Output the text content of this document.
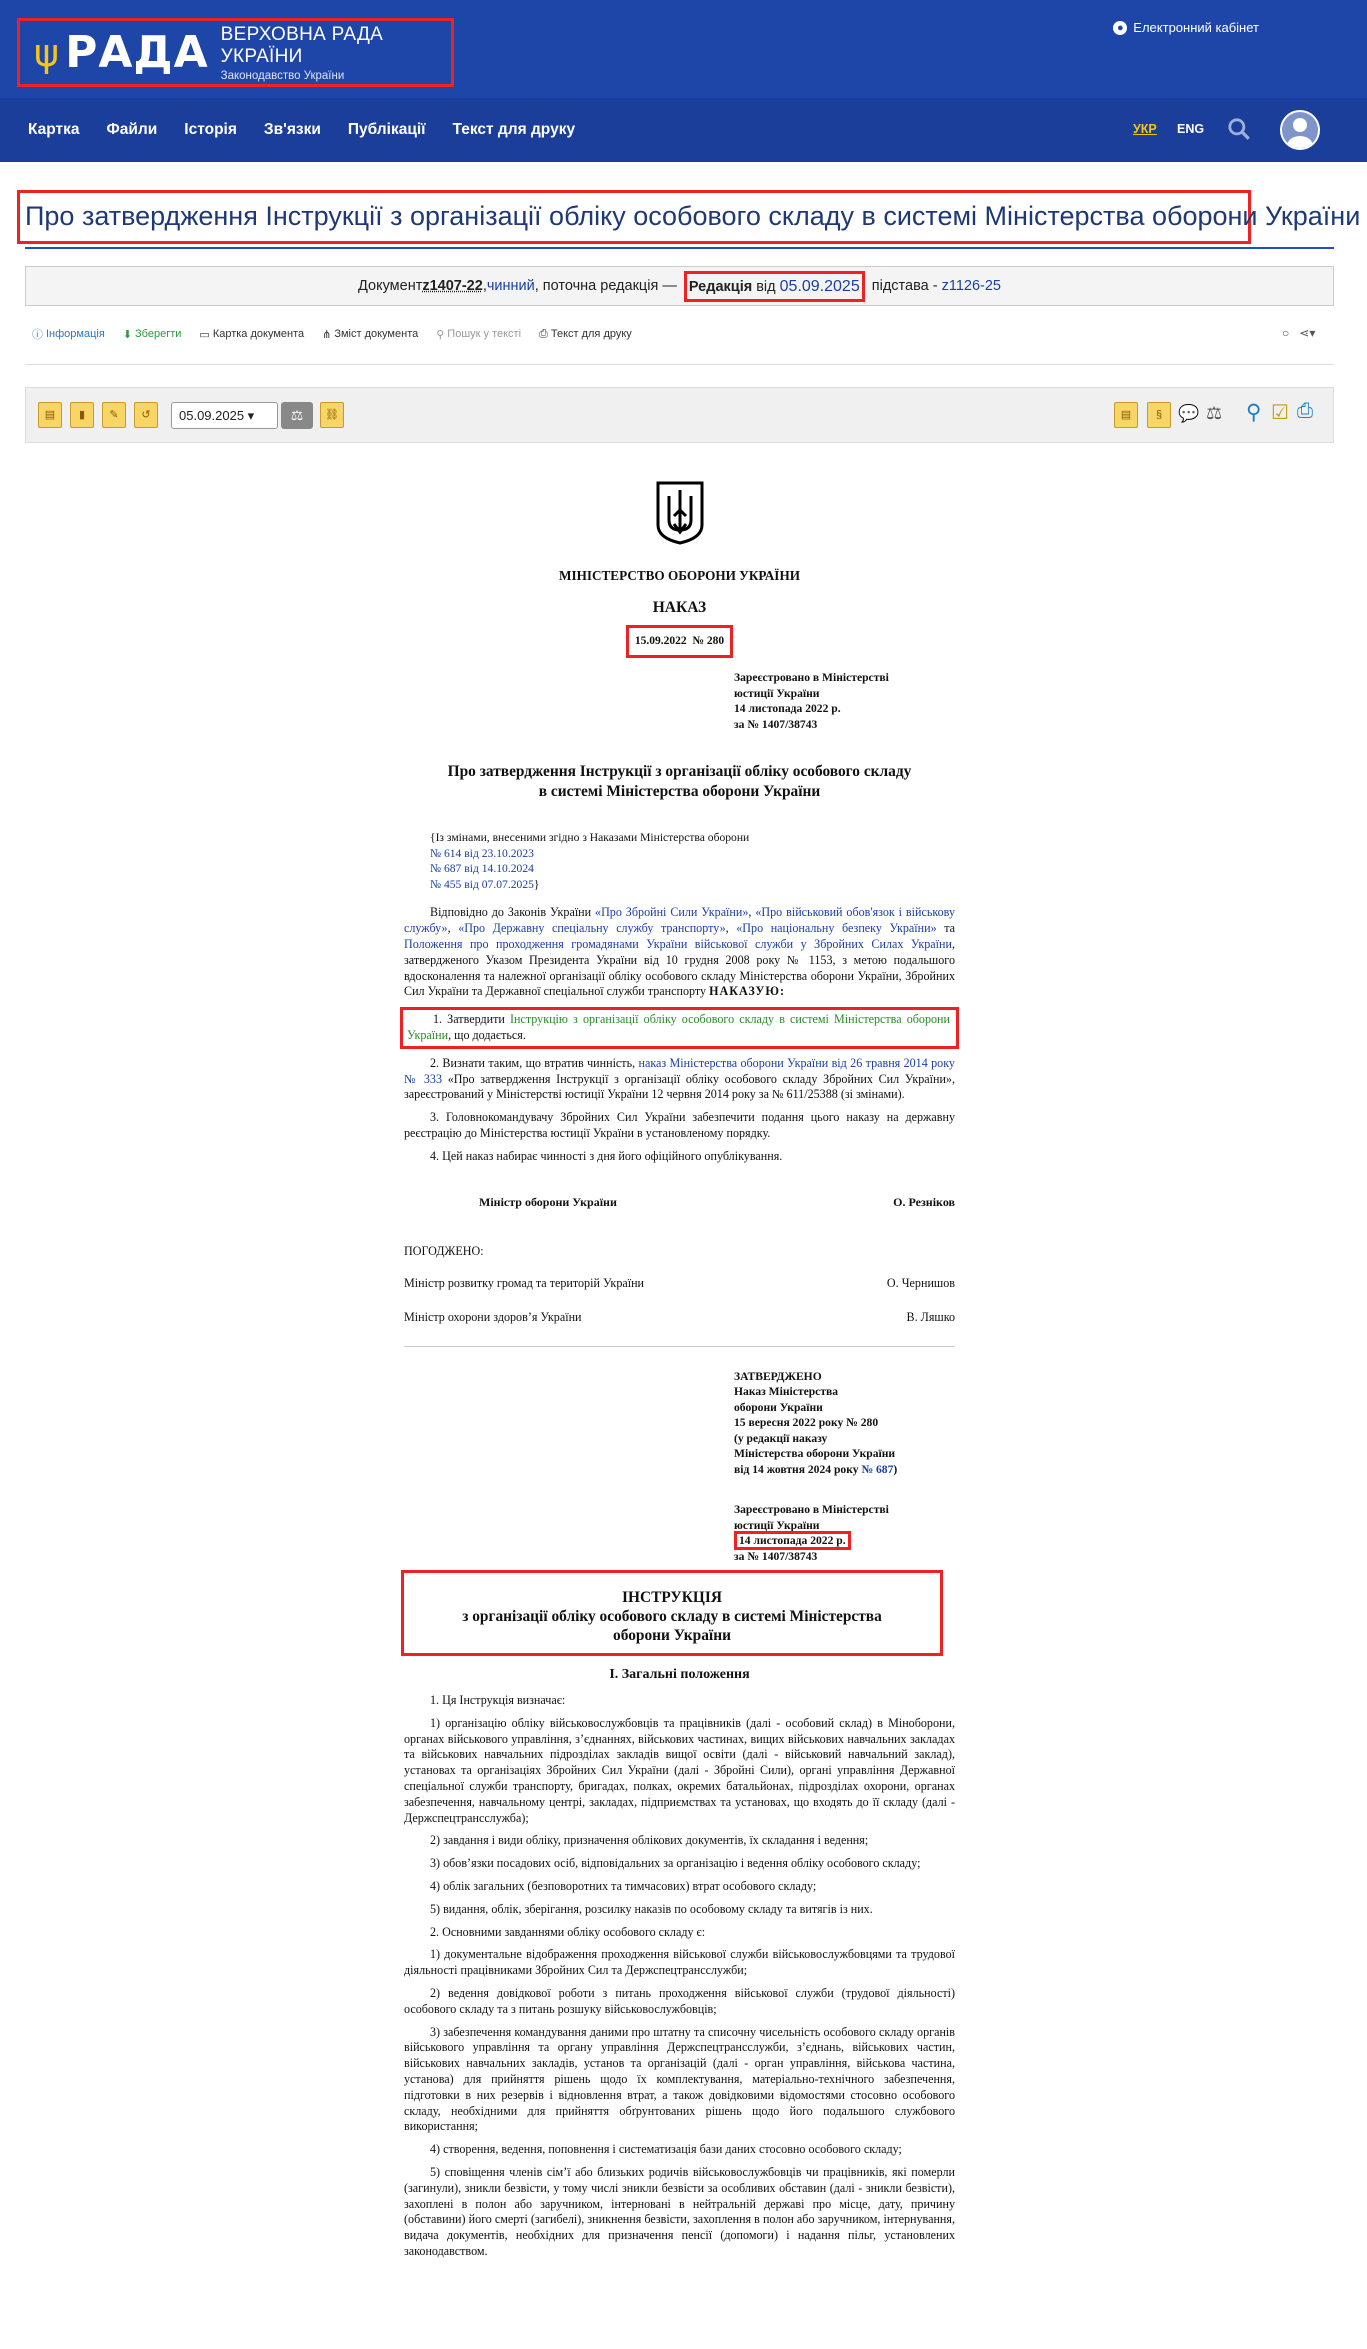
ψ РАДА ВЕРХОВНА РАДА УКРАЇНИ
Законодавство України
● Електронний кабінет
Картка Файли Історія Зв'язки Публікації Текст для друку	УКР ENG
Про затвердження Інструкції з організації обліку особового складу в системі Міністерства оборони України
Документ z1407-22 , чинний , поточна редакція — Редакція від 05.09.2025 підстава - z1126-25
ⓘ Інформація ⬇ Зберегти ▭ Картка документа ⋔ Зміст документа ⚲ Пошук у тексті ⎙ Текст для друку	○ ⋖▾
▤	▮	✎	↺	05.09.2025 ▾	⚖	⛓	▤	§ 💬 ⚖ ⚲ ☑ ⎙
МІНІСТЕРСТВО ОБОРОНИ УКРАЇНИ
НАКАЗ
15.09.2022  № 280
Зареєстровано в Міністерстві
юстиції України
14 листопада 2022 р.
за № 1407/38743
Про затвердження Інструкції з організації обліку особового складу в системі Міністерства оборони України
{Із змінами, внесеними згідно з Наказами Міністерства оборони
№ 614 від 23.10.2023
№ 687 від 14.10.2024
№ 455 від 07.07.2025}

Відповідно до Законів України «Про Збройні Сили України», «Про військовий обов'язок і військову службу», «Про Державну спеціальну службу транспорту», «Про національну безпеку України» та Положення про проходження громадянами України військової служби у Збройних Силах України, затвердженого Указом Президента України від 10 грудня 2008 року № 1153, з метою подальшого вдосконалення та належної організації обліку особового складу Міністерства оборони України, Збройних Сил України та Державної спеціальної служби транспорту НАКАЗУЮ:

1. Затвердити Інструкцію з організації обліку особового складу в системі Міністерства оборони України, що додається.

2. Визнати таким, що втратив чинність, наказ Міністерства оборони України від 26 травня 2014 року № 333 «Про затвердження Інструкції з організації обліку особового складу Збройних Сил України», зареєстрований у Міністерстві юстиції України 12 червня 2014 року за № 611/25388 (зі змінами).

3. Головнокомандувачу Збройних Сил України забезпечити подання цього наказу на державну реєстрацію до Міністерства юстиції України в установленому порядку.

4. Цей наказ набирає чинності з дня його офіційного опублікування.

Міністр оборони України	О. Резніков
ПОГОДЖЕНО:
Міністр розвитку громад та територій України	О. Чернишов
Міністр охорони здоров’я України	В. Ляшко
ЗАТВЕРДЖЕНО
Наказ Міністерства
оборони України
15 вересня 2022 року № 280
(у редакції наказу
Міністерства оборони України
від 14 жовтня 2024 року № 687)
Зареєстровано в Міністерстві
юстиції України
14 листопада 2022 р.
за № 1407/38743
ІНСТРУКЦІЯ
з організації обліку особового складу в системі Міністерства оборони України
I. Загальні положення

1. Ця Інструкція визначає:

1) організацію обліку військовослужбовців та працівників (далі - особовий склад) в Міноборони, органах військового управління, з’єднаннях, військових частинах, вищих військових навчальних закладах та військових навчальних підрозділах закладів вищої освіти (далі - військовий навчальний заклад), установах та організаціях Збройних Сил України (далі - Збройні Сили), органі управління Державної спеціальної служби транспорту, бригадах, полках, окремих батальйонах, підрозділах охорони, органах забезпечення, навчальному центрі, закладах, підприємствах та установах, що входять до її складу (далі - Держспецтрансслужба);

2) завдання і види обліку, призначення облікових документів, їх складання і ведення;

3) обов’язки посадових осіб, відповідальних за організацію і ведення обліку особового складу;

4) облік загальних (безповоротних та тимчасових) втрат особового складу;

5) видання, облік, зберігання, розсилку наказів по особовому складу та витягів із них.

2. Основними завданнями обліку особового складу є:

1) документальне відображення проходження військової служби військовослужбовцями та трудової діяльності працівниками Збройних Сил та Держспецтрансслужби;

2) ведення довідкової роботи з питань проходження військової служби (трудової діяльності) особового складу та з питань розшуку військовослужбовців;

3) забезпечення командування даними про штатну та списочну чисельність особового складу органів військового управління та органу управління Держспецтрансслужби, з’єднань, військових частин, військових навчальних закладів, установ та організацій (далі - орган управління, військова частина, установа) для прийняття рішень щодо їх комплектування, матеріально-технічного забезпечення, підготовки в них резервів і відновлення втрат, а також довідковими відомостями стосовно особового складу, необхідними для прийняття обґрунтованих рішень щодо його подальшого службового використання;

4) створення, ведення, поповнення і систематизація бази даних стосовно особового складу;

5) сповіщення членів сім’ї або близьких родичів військовослужбовців чи працівників, які померли (загинули), зникли безвісти, у тому числі зникли безвісти за особливих обставин (далі - зникли безвісти), захоплені в полон або заручником, інтерновані в нейтральній державі про місце, дату, причину (обставини) його смерті (загибелі), зникнення безвісти, захоплення в полон або заручником, інтернування, видача документів, необхідних для призначення пенсії (допомоги) і надання пільг, установлених законодавством.
